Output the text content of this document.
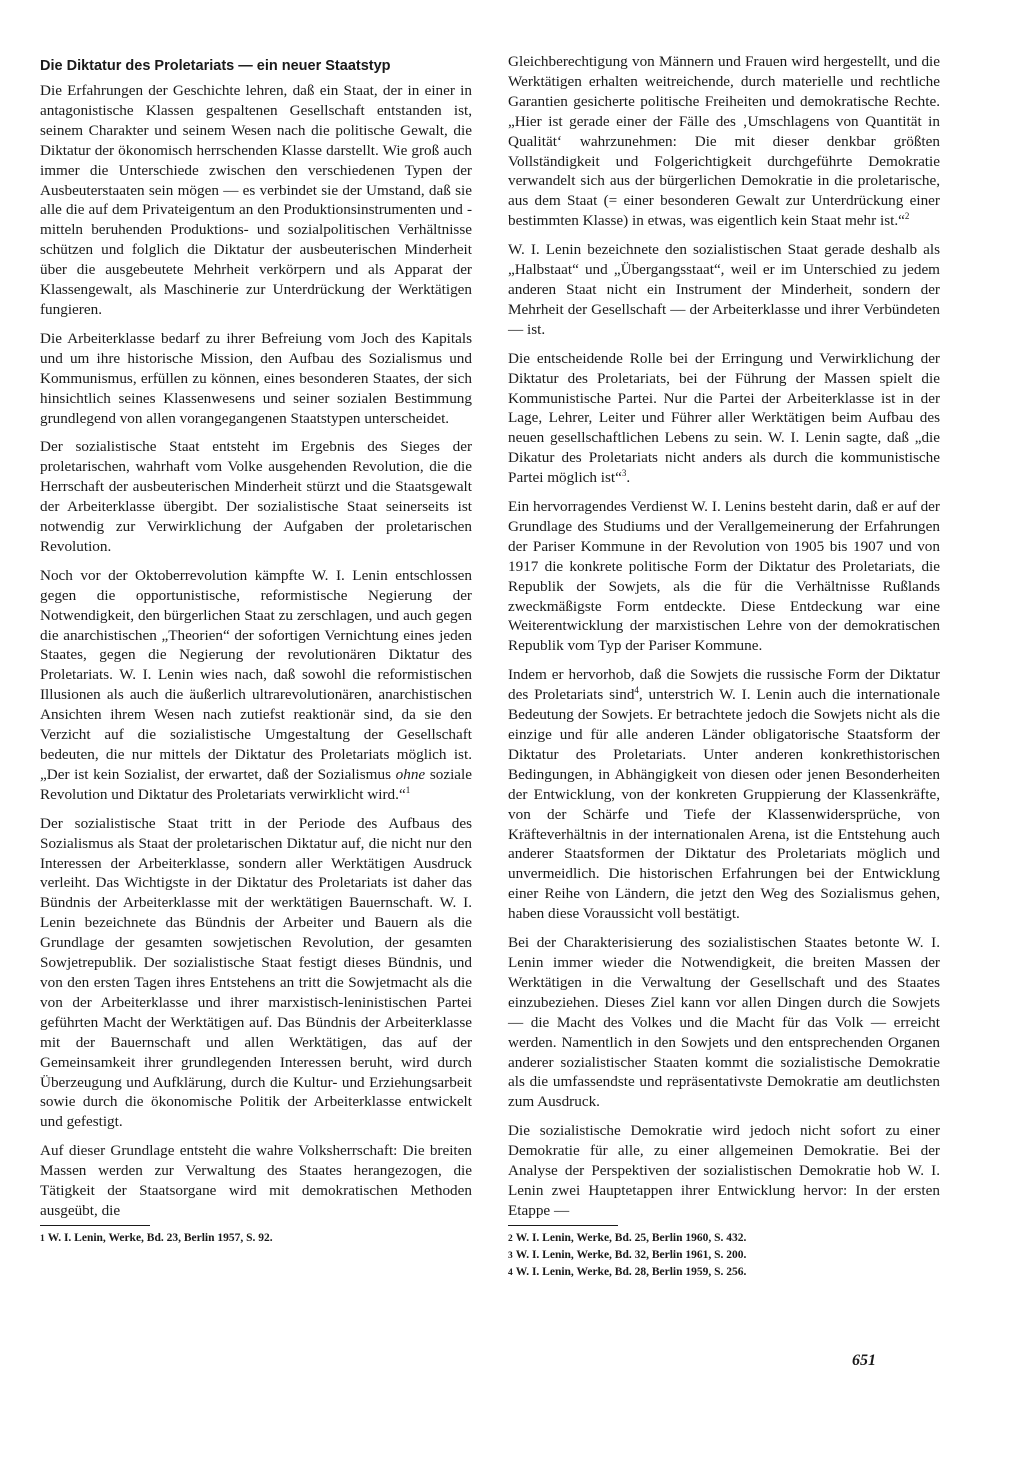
Die Diktatur des Proletariats — ein neuer Staatstyp

Die Erfahrungen der Geschichte lehren, daß ein Staat, der in einer in antagonistische Klassen gespaltenen Gesellschaft entstanden ist, seinem Charakter und seinem Wesen nach die politische Gewalt, die Diktatur der ökonomisch herrschenden Klasse darstellt. Wie groß auch immer die Unterschiede zwischen den verschiedenen Typen der Ausbeuterstaaten sein mögen — es verbindet sie der Umstand, daß sie alle die auf dem Privateigentum an den Produktionsinstrumenten und -mitteln beruhenden Produktions- und sozialpolitischen Verhältnisse schützen und folglich die Diktatur der ausbeuterischen Minderheit über die ausgebeutete Mehrheit verkörpern und als Apparat der Klassengewalt, als Maschinerie zur Unterdrückung der Werktätigen fungieren.

Die Arbeiterklasse bedarf zu ihrer Befreiung vom Joch des Kapitals und um ihre historische Mission, den Aufbau des Sozialismus und Kommunismus, erfüllen zu können, eines besonderen Staates, der sich hinsichtlich seines Klassenwesens und seiner sozialen Bestimmung grundlegend von allen vorangegangenen Staatstypen unterscheidet.

Der sozialistische Staat entsteht im Ergebnis des Sieges der proletarischen, wahrhaft vom Volke ausgehenden Revolution, die die Herrschaft der ausbeuterischen Minderheit stürzt und die Staatsgewalt der Arbeiterklasse übergibt. Der sozialistische Staat seinerseits ist notwendig zur Verwirklichung der Aufgaben der proletarischen Revolution.

Noch vor der Oktoberrevolution kämpfte W. I. Lenin entschlossen gegen die opportunistische, reformistische Negierung der Notwendigkeit, den bürgerlichen Staat zu zerschlagen, und auch gegen die anarchistischen „Theorien“ der sofortigen Vernichtung eines jeden Staates, gegen die Negierung der revolutionären Diktatur des Proletariats. W. I. Lenin wies nach, daß sowohl die reformistischen Illusionen als auch die äußerlich ultrarevolutionären, anarchistischen Ansichten ihrem Wesen nach zutiefst reaktionär sind, da sie den Verzicht auf die sozialistische Umgestaltung der Gesellschaft bedeuten, die nur mittels der Diktatur des Proletariats möglich ist. „Der ist kein Sozialist, der erwartet, daß der Sozialismus ohne soziale Revolution und Diktatur des Proletariats verwirklicht wird.“$^1$

Der sozialistische Staat tritt in der Periode des Aufbaus des Sozialismus als Staat der proletarischen Diktatur auf, die nicht nur den Interessen der Arbeiterklasse, sondern aller Werktätigen Ausdruck verleiht. Das Wichtigste in der Diktatur des Proletariats ist daher das Bündnis der Arbeiterklasse mit der werktätigen Bauernschaft. W. I. Lenin bezeichnete das Bündnis der Arbeiter und Bauern als die Grundlage der gesamten sowjetischen Revolution, der gesamten Sowjetrepublik. Der sozialistische Staat festigt dieses Bündnis, und von den ersten Tagen ihres Entstehens an tritt die Sowjetmacht als die von der Arbeiterklasse und ihrer marxistisch-leninistischen Partei geführten Macht der Werktätigen auf. Das Bündnis der Arbeiterklasse mit der Bauernschaft und allen Werktätigen, das auf der Gemeinsamkeit ihrer grundlegenden Interessen beruht, wird durch Überzeugung und Aufklärung, durch die Kultur- und Erziehungsarbeit sowie durch die ökonomische Politik der Arbeiterklasse entwickelt und gefestigt.

Auf dieser Grundlage entsteht die wahre Volksherrschaft: Die breiten Massen werden zur Verwaltung des Staates herangezogen, die Tätigkeit der Staatsorgane wird mit demokratischen Methoden ausgeübt, die

1 W. I. Lenin, Werke, Bd. 23, Berlin 1957, S. 92.

Gleichberechtigung von Männern und Frauen wird hergestellt, und die Werktätigen erhalten weitreichende, durch materielle und rechtliche Garantien gesicherte politische Freiheiten und demokratische Rechte. „Hier ist gerade einer der Fälle des ‚Umschlagens von Quantität in Qualität‘ wahrzunehmen: Die mit dieser denkbar größten Vollständigkeit und Folgerichtigkeit durchgeführte Demokratie verwandelt sich aus der bürgerlichen Demokratie in die proletarische, aus dem Staat (= einer besonderen Gewalt zur Unterdrückung einer bestimmten Klasse) in etwas, was eigentlich kein Staat mehr ist.“$^2$

W. I. Lenin bezeichnete den sozialistischen Staat gerade deshalb als „Halbstaat“ und „Übergangsstaat“, weil er im Unterschied zu jedem anderen Staat nicht ein Instrument der Minderheit, sondern der Mehrheit der Gesellschaft — der Arbeiterklasse und ihrer Verbündeten — ist.

Die entscheidende Rolle bei der Erringung und Verwirklichung der Diktatur des Proletariats, bei der Führung der Massen spielt die Kommunistische Partei. Nur die Partei der Arbeiterklasse ist in der Lage, Lehrer, Leiter und Führer aller Werktätigen beim Aufbau des neuen gesellschaftlichen Lebens zu sein. W. I. Lenin sagte, daß „die Dikatur des Proletariats nicht anders als durch die kommunistische Partei möglich ist“$^3$.

Ein hervorragendes Verdienst W. I. Lenins besteht darin, daß er auf der Grundlage des Studiums und der Verallgemeinerung der Erfahrungen der Pariser Kommune in der Revolution von 1905 bis 1907 und von 1917 die konkrete politische Form der Diktatur des Proletariats, die Republik der Sowjets, als die für die Verhältnisse Rußlands zweckmäßigste Form entdeckte. Diese Entdeckung war eine Weiterentwicklung der marxistischen Lehre von der demokratischen Republik vom Typ der Pariser Kommune.

Indem er hervorhob, daß die Sowjets die russische Form der Diktatur des Proletariats sind$^4$, unterstrich W. I. Lenin auch die internationale Bedeutung der Sowjets. Er betrachtete jedoch die Sowjets nicht als die einzige und für alle anderen Länder obligatorische Staatsform der Diktatur des Proletariats. Unter anderen konkrethistorischen Bedingungen, in Abhängigkeit von diesen oder jenen Besonderheiten der Entwicklung, von der konkreten Gruppierung der Klassenkräfte, von der Schärfe und Tiefe der Klassenwidersprüche, von Kräfteverhältnis in der internationalen Arena, ist die Entstehung auch anderer Staatsformen der Diktatur des Proletariats möglich und unvermeidlich. Die historischen Erfahrungen bei der Entwicklung einer Reihe von Ländern, die jetzt den Weg des Sozialismus gehen, haben diese Voraussicht voll bestätigt.

Bei der Charakterisierung des sozialistischen Staates betonte W. I. Lenin immer wieder die Notwendigkeit, die breiten Massen der Werktätigen in die Verwaltung der Gesellschaft und des Staates einzubeziehen. Dieses Ziel kann vor allen Dingen durch die Sowjets — die Macht des Volkes und die Macht für das Volk — erreicht werden. Namentlich in den Sowjets und den entsprechenden Organen anderer sozialistischer Staaten kommt die sozialistische Demokratie als die umfassendste und repräsentativste Demokratie am deutlichsten zum Ausdruck.

Die sozialistische Demokratie wird jedoch nicht sofort zu einer Demokratie für alle, zu einer allgemeinen Demokratie. Bei der Analyse der Perspektiven der sozialistischen Demokratie hob W. I. Lenin zwei Hauptetappen ihrer Entwicklung hervor: In der ersten Etappe —

2 W. I. Lenin, Werke, Bd. 25, Berlin 1960, S. 432.
3 W. I. Lenin, Werke, Bd. 32, Berlin 1961, S. 200.
4 W. I. Lenin, Werke, Bd. 28, Berlin 1959, S. 256.
651
